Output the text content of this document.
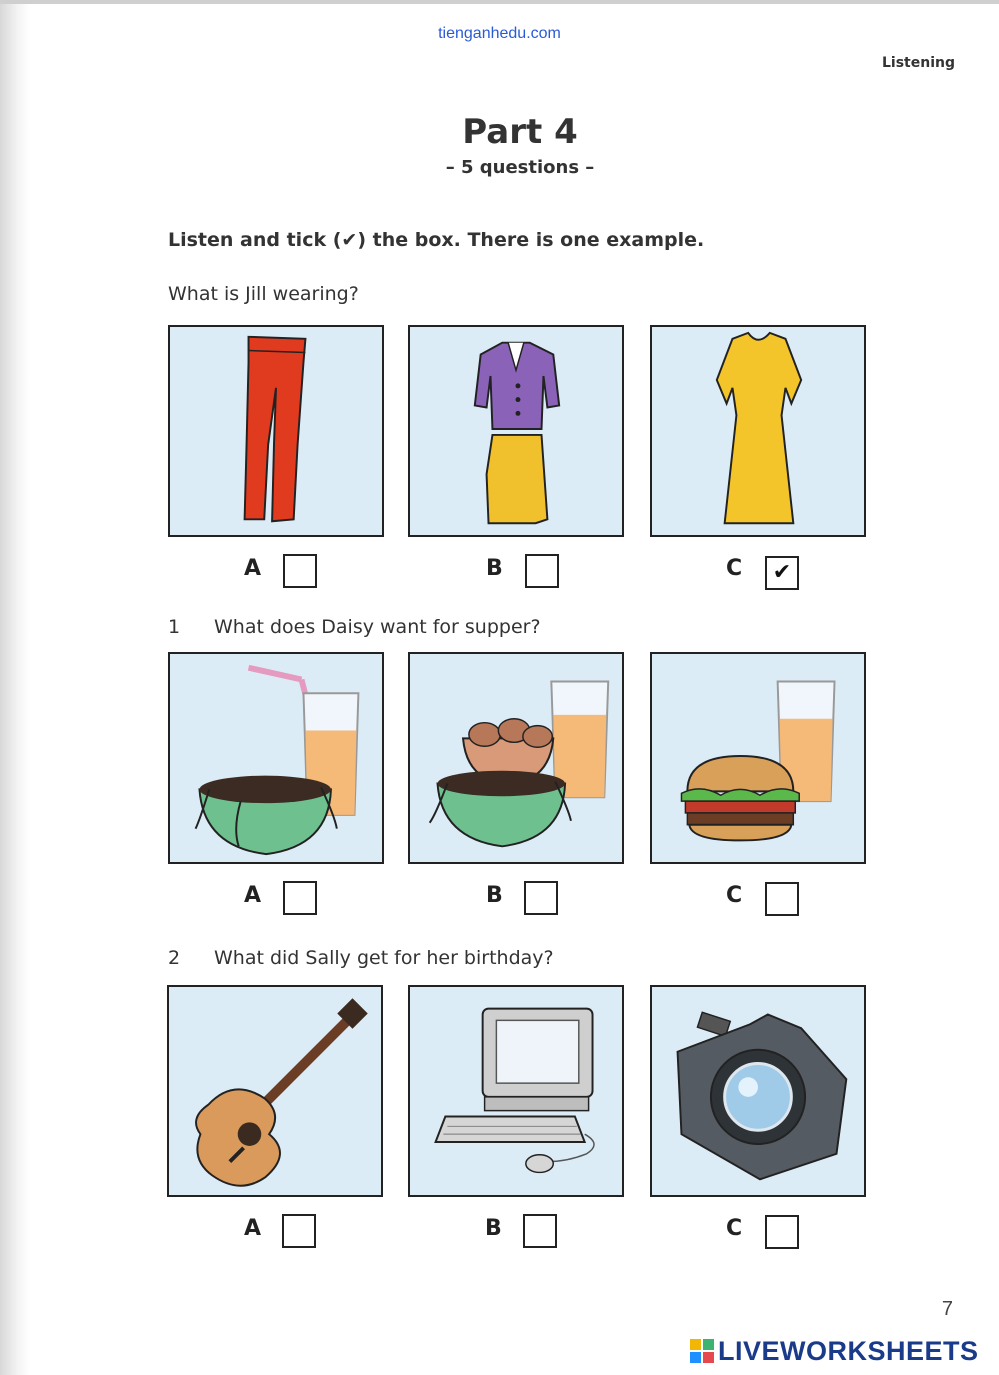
tienganhedu.com
Listening
Part 4
– 5 questions –
Listen and tick (✔) the box. There is one example.
What is Jill wearing?
A	B	C	✔
1 What does Daisy want for supper?
A	B	C
2 What did Sally get for her birthday?
A	B	C
7
LIVEWORKSHEETS
